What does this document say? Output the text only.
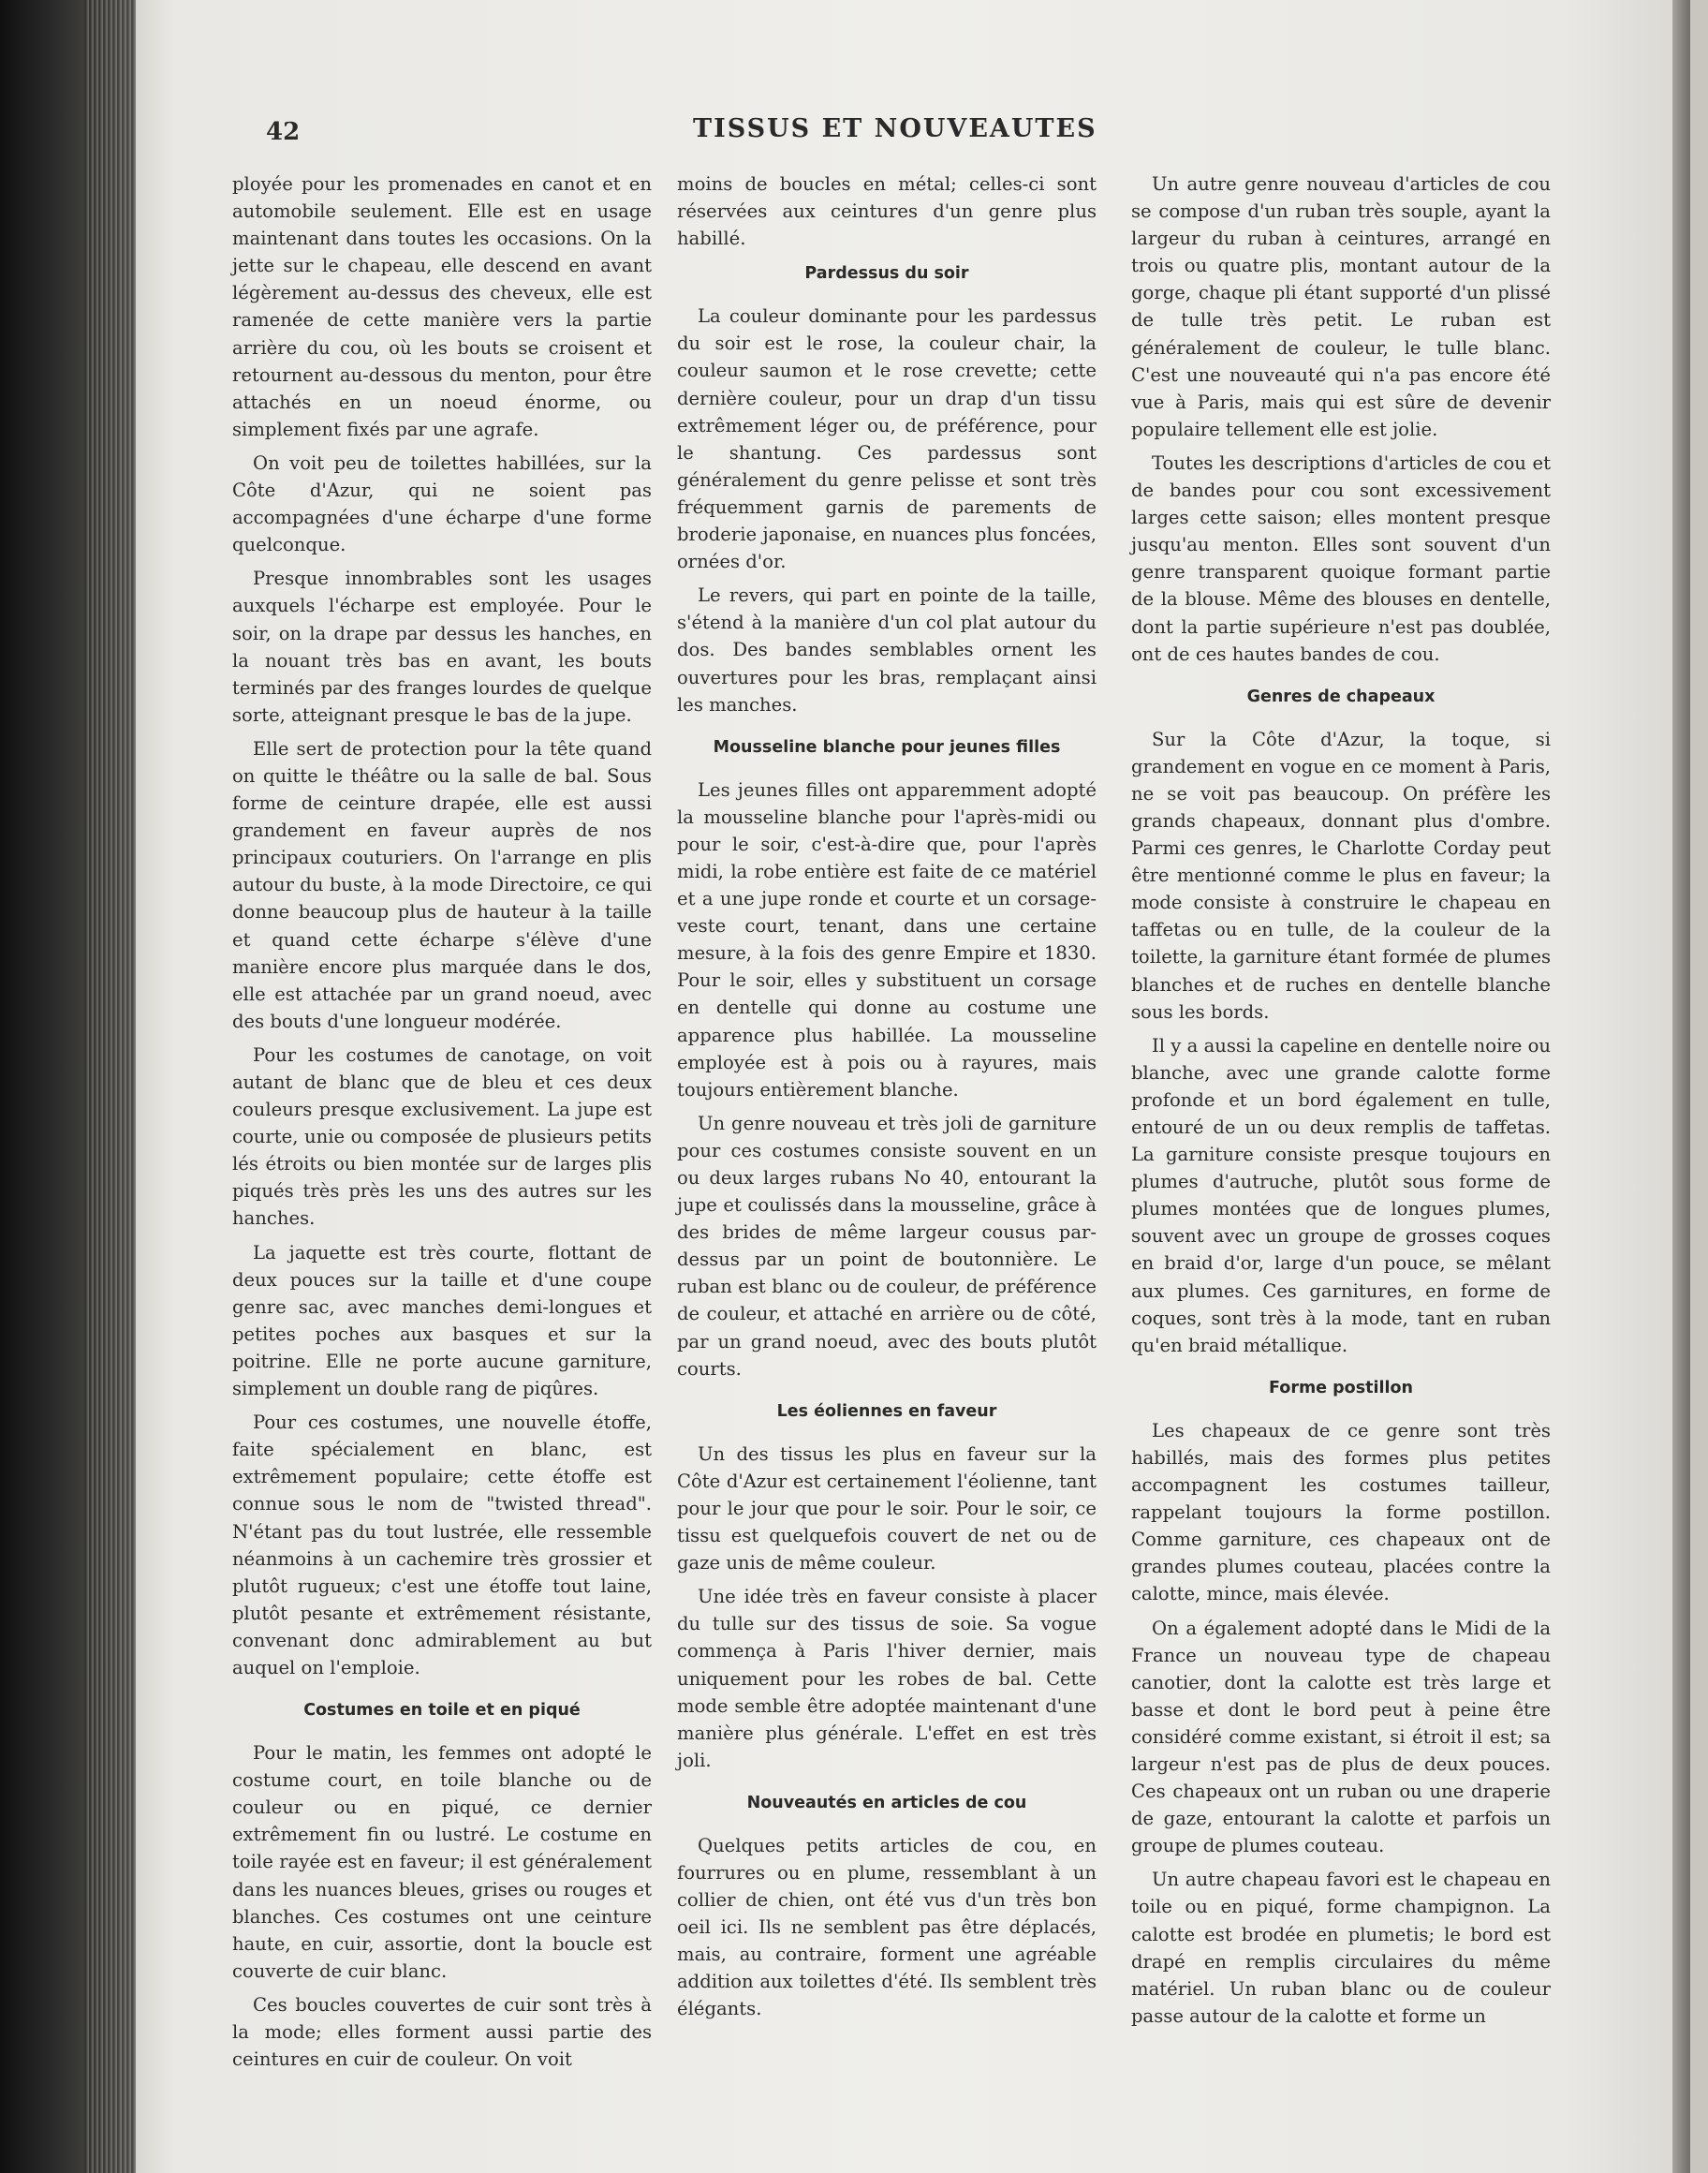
42	TISSUS ET NOUVEAUTES

ployée pour les promenades en canot et en automobile seulement. Elle est en usage maintenant dans toutes les occasions. On la jette sur le chapeau, elle descend en avant légèrement au-dessus des cheveux, elle est ramenée de cette manière vers la partie arrière du cou, où les bouts se croisent et retournent au-dessous du menton, pour être attachés en un noeud énorme, ou simplement fixés par une agrafe.

On voit peu de toilettes habillées, sur la Côte d'Azur, qui ne soient pas accompagnées d'une écharpe d'une forme quelconque.

Presque innombrables sont les usages auxquels l'écharpe est employée. Pour le soir, on la drape par dessus les hanches, en la nouant très bas en avant, les bouts terminés par des franges lourdes de quelque sorte, atteignant presque le bas de la jupe.

Elle sert de protection pour la tête quand on quitte le théâtre ou la salle de bal. Sous forme de ceinture drapée, elle est aussi grandement en faveur auprès de nos principaux couturiers. On l'arrange en plis autour du buste, à la mode Directoire, ce qui donne beaucoup plus de hauteur à la taille et quand cette écharpe s'élève d'une manière encore plus marquée dans le dos, elle est attachée par un grand noeud, avec des bouts d'une longueur modérée.

Pour les costumes de canotage, on voit autant de blanc que de bleu et ces deux couleurs presque exclusivement. La jupe est courte, unie ou composée de plusieurs petits lés étroits ou bien montée sur de larges plis piqués très près les uns des autres sur les hanches.

La jaquette est très courte, flottant de deux pouces sur la taille et d'une coupe genre sac, avec manches demi-longues et petites poches aux basques et sur la poitrine. Elle ne porte aucune garniture, simplement un double rang de piqûres.

Pour ces costumes, une nouvelle étoffe, faite spécialement en blanc, est extrêmement populaire; cette étoffe est connue sous le nom de "twisted thread". N'étant pas du tout lustrée, elle ressemble néanmoins à un cachemire très grossier et plutôt rugueux; c'est une étoffe tout laine, plutôt pesante et extrêmement résistante, convenant donc admirablement au but auquel on l'emploie.

Costumes en toile et en piqué

Pour le matin, les femmes ont adopté le costume court, en toile blanche ou de couleur ou en piqué, ce dernier extrêmement fin ou lustré. Le costume en toile rayée est en faveur; il est généralement dans les nuances bleues, grises ou rouges et blanches. Ces costumes ont une ceinture haute, en cuir, assortie, dont la boucle est couverte de cuir blanc.

Ces boucles couvertes de cuir sont très à la mode; elles forment aussi partie des ceintures en cuir de couleur. On voit

moins de boucles en métal; celles-ci sont réservées aux ceintures d'un genre plus habillé.

Pardessus du soir

La couleur dominante pour les pardessus du soir est le rose, la couleur chair, la couleur saumon et le rose crevette; cette dernière couleur, pour un drap d'un tissu extrêmement léger ou, de préférence, pour le shantung. Ces pardessus sont généralement du genre pelisse et sont très fréquemment garnis de parements de broderie japonaise, en nuances plus foncées, ornées d'or.

Le revers, qui part en pointe de la taille, s'étend à la manière d'un col plat autour du dos. Des bandes semblables ornent les ouvertures pour les bras, remplaçant ainsi les manches.

Mousseline blanche pour jeunes filles

Les jeunes filles ont apparemment adopté la mousseline blanche pour l'après-midi ou pour le soir, c'est-à-dire que, pour l'après midi, la robe entière est faite de ce matériel et a une jupe ronde et courte et un corsage-veste court, tenant, dans une certaine mesure, à la fois des genre Empire et 1830. Pour le soir, elles y substituent un corsage en dentelle qui donne au costume une apparence plus habillée. La mousseline employée est à pois ou à rayures, mais toujours entièrement blanche.

Un genre nouveau et très joli de garniture pour ces costumes consiste souvent en un ou deux larges rubans No 40, entourant la jupe et coulissés dans la mousseline, grâce à des brides de même largeur cousus par-dessus par un point de boutonnière. Le ruban est blanc ou de couleur, de préférence de couleur, et attaché en arrière ou de côté, par un grand noeud, avec des bouts plutôt courts.

Les éoliennes en faveur

Un des tissus les plus en faveur sur la Côte d'Azur est certainement l'éolienne, tant pour le jour que pour le soir. Pour le soir, ce tissu est quelquefois couvert de net ou de gaze unis de même couleur.

Une idée très en faveur consiste à placer du tulle sur des tissus de soie. Sa vogue commença à Paris l'hiver dernier, mais uniquement pour les robes de bal. Cette mode semble être adoptée maintenant d'une manière plus générale. L'effet en est très joli.

Nouveautés en articles de cou

Quelques petits articles de cou, en fourrures ou en plume, ressemblant à un collier de chien, ont été vus d'un très bon oeil ici. Ils ne semblent pas être déplacés, mais, au contraire, forment une agréable addition aux toilettes d'été. Ils semblent très élégants.

Un autre genre nouveau d'articles de cou se compose d'un ruban très souple, ayant la largeur du ruban à ceintures, arrangé en trois ou quatre plis, montant autour de la gorge, chaque pli étant supporté d'un plissé de tulle très petit. Le ruban est généralement de couleur, le tulle blanc. C'est une nouveauté qui n'a pas encore été vue à Paris, mais qui est sûre de devenir populaire tellement elle est jolie.

Toutes les descriptions d'articles de cou et de bandes pour cou sont excessivement larges cette saison; elles montent presque jusqu'au menton. Elles sont souvent d'un genre transparent quoique formant partie de la blouse. Même des blouses en dentelle, dont la partie supérieure n'est pas doublée, ont de ces hautes bandes de cou.

Genres de chapeaux

Sur la Côte d'Azur, la toque, si grandement en vogue en ce moment à Paris, ne se voit pas beaucoup. On préfère les grands chapeaux, donnant plus d'ombre. Parmi ces genres, le Charlotte Corday peut être mentionné comme le plus en faveur; la mode consiste à construire le chapeau en taffetas ou en tulle, de la couleur de la toilette, la garniture étant formée de plumes blanches et de ruches en dentelle blanche sous les bords.

Il y a aussi la capeline en dentelle noire ou blanche, avec une grande calotte forme profonde et un bord également en tulle, entouré de un ou deux remplis de taffetas. La garniture consiste presque toujours en plumes d'autruche, plutôt sous forme de plumes montées que de longues plumes, souvent avec un groupe de grosses coques en braid d'or, large d'un pouce, se mêlant aux plumes. Ces garnitures, en forme de coques, sont très à la mode, tant en ruban qu'en braid métallique.

Forme postillon

Les chapeaux de ce genre sont très habillés, mais des formes plus petites accompagnent les costumes tailleur, rappelant toujours la forme postillon. Comme garniture, ces chapeaux ont de grandes plumes couteau, placées contre la calotte, mince, mais élevée.

On a également adopté dans le Midi de la France un nouveau type de chapeau canotier, dont la calotte est très large et basse et dont le bord peut à peine être considéré comme existant, si étroit il est; sa largeur n'est pas de plus de deux pouces. Ces chapeaux ont un ruban ou une draperie de gaze, entourant la calotte et parfois un groupe de plumes couteau.

Un autre chapeau favori est le chapeau en toile ou en piqué, forme champignon. La calotte est brodée en plumetis; le bord est drapé en remplis circulaires du même matériel. Un ruban blanc ou de couleur passe autour de la calotte et forme un
